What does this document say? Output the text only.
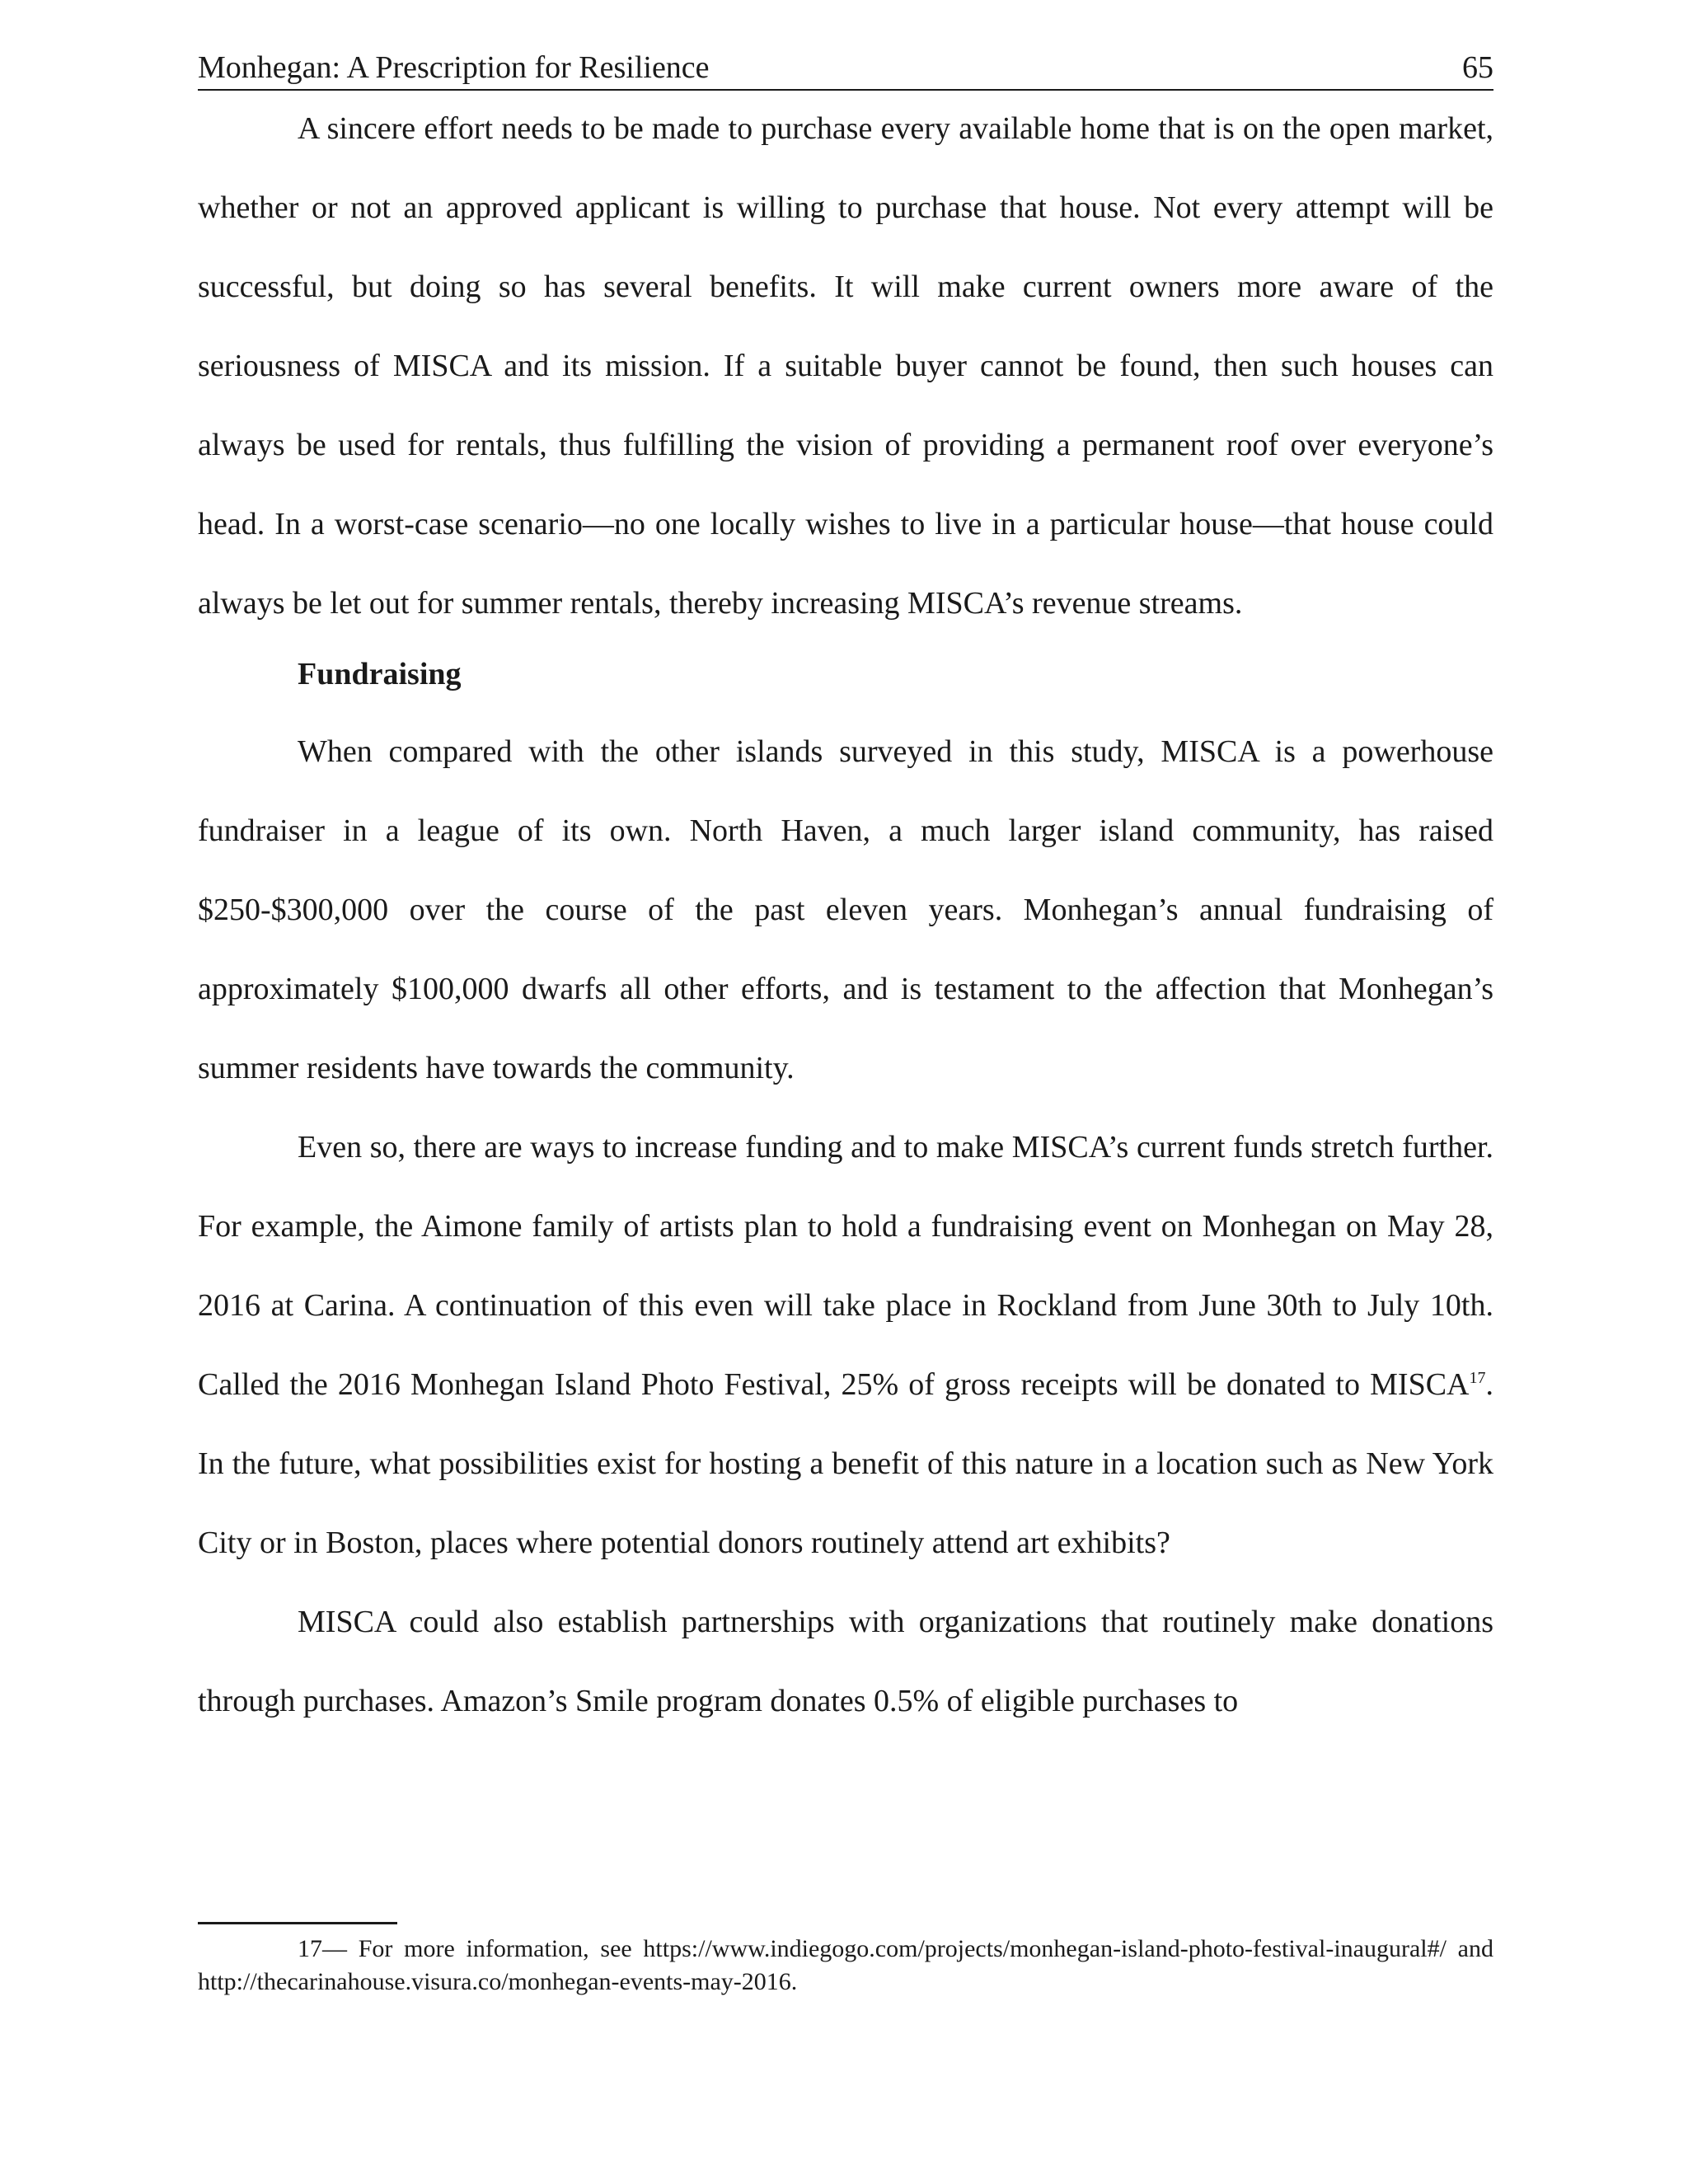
Monhegan: A Prescription for Resilience	65

A sincere effort needs to be made to purchase every available home that is on the open market, whether or not an approved applicant is willing to purchase that house. Not every attempt will be successful, but doing so has several benefits. It will make current owners more aware of the seriousness of MISCA and its mission. If a suitable buyer cannot be found, then such houses can always be used for rentals, thus fulfilling the vision of providing a permanent roof over everyone’s head. In a worst-case scenario—no one locally wishes to live in a particular house—that house could always be let out for summer rentals, thereby increasing MISCA’s revenue streams.

Fundraising

When compared with the other islands surveyed in this study, MISCA is a powerhouse fundraiser in a league of its own. North Haven, a much larger island community, has raised $250-$300,000 over the course of the past eleven years. Monhegan’s annual fundraising of approximately $100,000 dwarfs all other efforts, and is testament to the affection that Monhegan’s summer residents have towards the community.

Even so, there are ways to increase funding and to make MISCA’s current funds stretch further. For example, the Aimone family of artists plan to hold a fundraising event on Monhegan on May 28, 2016 at Carina. A continuation of this even will take place in Rockland from June 30th to July 10th. Called the 2016 Monhegan Island Photo Festival, 25% of gross receipts will be donated to MISCA$^{17}$. In the future, what possibilities exist for hosting a benefit of this nature in a location such as New York City or in Boston, places where potential donors routinely attend art exhibits?

MISCA could also establish partnerships with organizations that routinely make donations through purchases. Amazon’s Smile program donates 0.5% of eligible purchases to

17— For more information, see https://www.indiegogo.com/projects/monhegan-island-photo-festival-inaugural#/ and http://thecarinahouse.visura.co/monhegan-events-may-2016.
